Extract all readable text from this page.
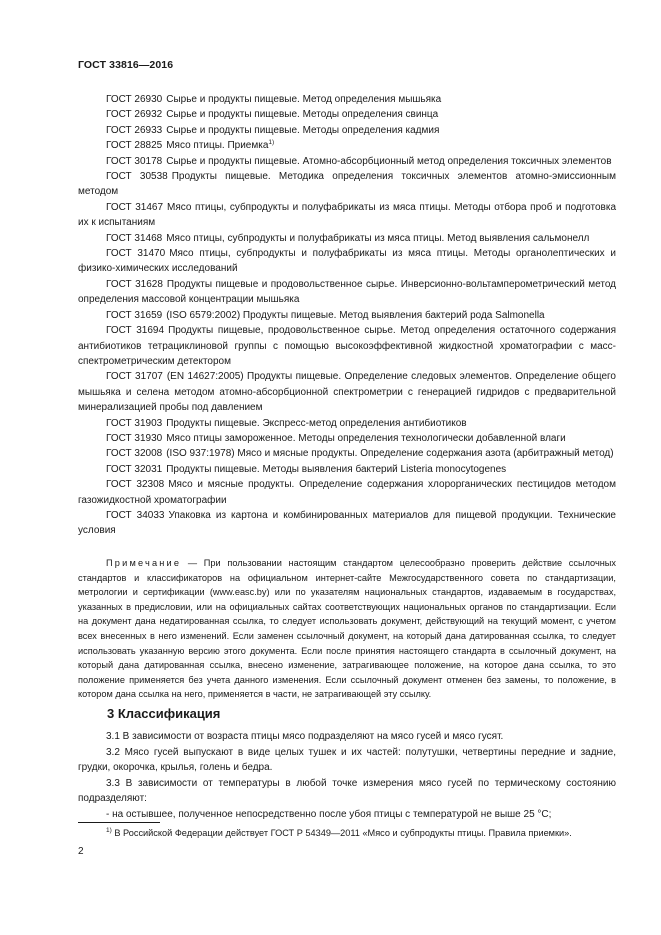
ГОСТ 33816—2016

ГОСТ 26930 Сырье и продукты пищевые. Метод определения мышьяка

ГОСТ 26932 Сырье и продукты пищевые. Методы определения свинца

ГОСТ 26933 Сырье и продукты пищевые. Методы определения кадмия

ГОСТ 28825 Мясо птицы. Приемка$^{1)}$

ГОСТ 30178 Сырье и продукты пищевые. Атомно-абсорбционный метод определения токсичных элементов

ГОСТ 30538 Продукты пищевые. Методика определения токсичных элементов атомно-эмиссионным методом

ГОСТ 31467 Мясо птицы, субпродукты и полуфабрикаты из мяса птицы. Методы отбора проб и подготовка их к испытаниям

ГОСТ 31468 Мясо птицы, субпродукты и полуфабрикаты из мяса птицы. Метод выявления сальмонелл

ГОСТ 31470 Мясо птицы, субпродукты и полуфабрикаты из мяса птицы. Методы органолептических и физико-химических исследований

ГОСТ 31628 Продукты пищевые и продовольственное сырье. Инверсионно-вольтамперометрический метод определения массовой концентрации мышьяка

ГОСТ 31659 (ISO 6579:2002) Продукты пищевые. Метод выявления бактерий рода Salmonella

ГОСТ 31694 Продукты пищевые, продовольственное сырье. Метод определения остаточного содержания антибиотиков тетрациклиновой группы с помощью высокоэффективной жидкостной хроматографии с масс-спектрометрическим детектором

ГОСТ 31707 (EN 14627:2005) Продукты пищевые. Определение следовых элементов. Определение общего мышьяка и селена методом атомно-абсорбционной спектрометрии с генерацией гидридов с предварительной минерализацией пробы под давлением

ГОСТ 31903 Продукты пищевые. Экспресс-метод определения антибиотиков

ГОСТ 31930 Мясо птицы замороженное. Методы определения технологически добавленной влаги

ГОСТ 32008 (ISO 937:1978) Мясо и мясные продукты. Определение содержания азота (арбитражный метод)

ГОСТ 32031 Продукты пищевые. Методы выявления бактерий Listeria monocytogenes

ГОСТ 32308 Мясо и мясные продукты. Определение содержания хлорорганических пестицидов методом газожидкостной хроматографии

ГОСТ 34033 Упаковка из картона и комбинированных материалов для пищевой продукции. Технические условия

Примечание — При пользовании настоящим стандартом целесообразно проверить действие ссылочных стандартов и классификаторов на официальном интернет-сайте Межгосударственного совета по стандартизации, метрологии и сертификации (www.easc.by) или по указателям национальных стандартов, издаваемым в государствах, указанных в предисловии, или на официальных сайтах соответствующих национальных органов по стандартизации. Если на документ дана недатированная ссылка, то следует использовать документ, действующий на текущий момент, с учетом всех внесенных в него изменений. Если заменен ссылочный документ, на который дана датированная ссылка, то следует использовать указанную версию этого документа. Если после принятия настоящего стандарта в ссылочный документ, на который дана датированная ссылка, внесено изменение, затрагивающее положение, на которое дана ссылка, то это положение применяется без учета данного изменения. Если ссылочный документ отменен без замены, то положение, в котором дана ссылка на него, применяется в части, не затрагивающей эту ссылку.

3 Классификация

3.1 В зависимости от возраста птицы мясо подразделяют на мясо гусей и мясо гусят.

3.2 Мясо гусей выпускают в виде целых тушек и их частей: полутушки, четвертины передние и задние, грудки, окорочка, крылья, голень и бедра.

3.3 В зависимости от температуры в любой точке измерения мясо гусей по термическому состоянию подразделяют:

- на остывшее, полученное непосредственно после убоя птицы с температурой не выше 25 °С;

$^{1)}$ В Российской Федерации действует ГОСТ Р 54349—2011 «Мясо и субпродукты птицы. Правила приемки».

2
